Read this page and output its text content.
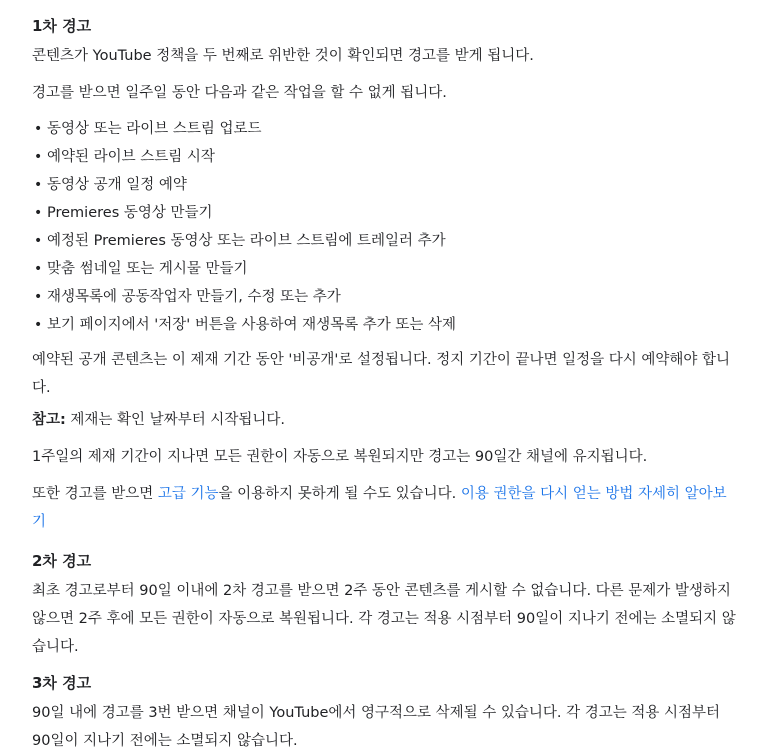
1차 경고

콘텐츠가 YouTube 정책을 두 번째로 위반한 것이 확인되면 경고를 받게 됩니다.

경고를 받으면 일주일 동안 다음과 같은 작업을 할 수 없게 됩니다.

• 동영상 또는 라이브 스트림 업로드
• 예약된 라이브 스트림 시작
• 동영상 공개 일정 예약
• Premieres 동영상 만들기
• 예정된 Premieres 동영상 또는 라이브 스트림에 트레일러 추가
• 맞춤 썸네일 또는 게시물 만들기
• 재생목록에 공동작업자 만들기, 수정 또는 추가
• 보기 페이지에서 '저장' 버튼을 사용하여 재생목록 추가 또는 삭제

예약된 공개 콘텐츠는 이 제재 기간 동안 '비공개'로 설정됩니다. 정지 기간이 끝나면 일정을 다시 예약해야 합니다.

참고: 제재는 확인 날짜부터 시작됩니다.

1주일의 제재 기간이 지나면 모든 권한이 자동으로 복원되지만 경고는 90일간 채널에 유지됩니다.

또한 경고를 받으면 고급 기능을 이용하지 못하게 될 수도 있습니다. 이용 권한을 다시 얻는 방법 자세히 알아보기

2차 경고

최초 경고로부터 90일 이내에 2차 경고를 받으면 2주 동안 콘텐츠를 게시할 수 없습니다. 다른 문제가 발생하지 않으면 2주 후에 모든 권한이 자동으로 복원됩니다. 각 경고는 적용 시점부터 90일이 지나기 전에는 소멸되지 않습니다.

3차 경고

90일 내에 경고를 3번 받으면 채널이 YouTube에서 영구적으로 삭제될 수 있습니다. 각 경고는 적용 시점부터 90일이 지나기 전에는 소멸되지 않습니다.
